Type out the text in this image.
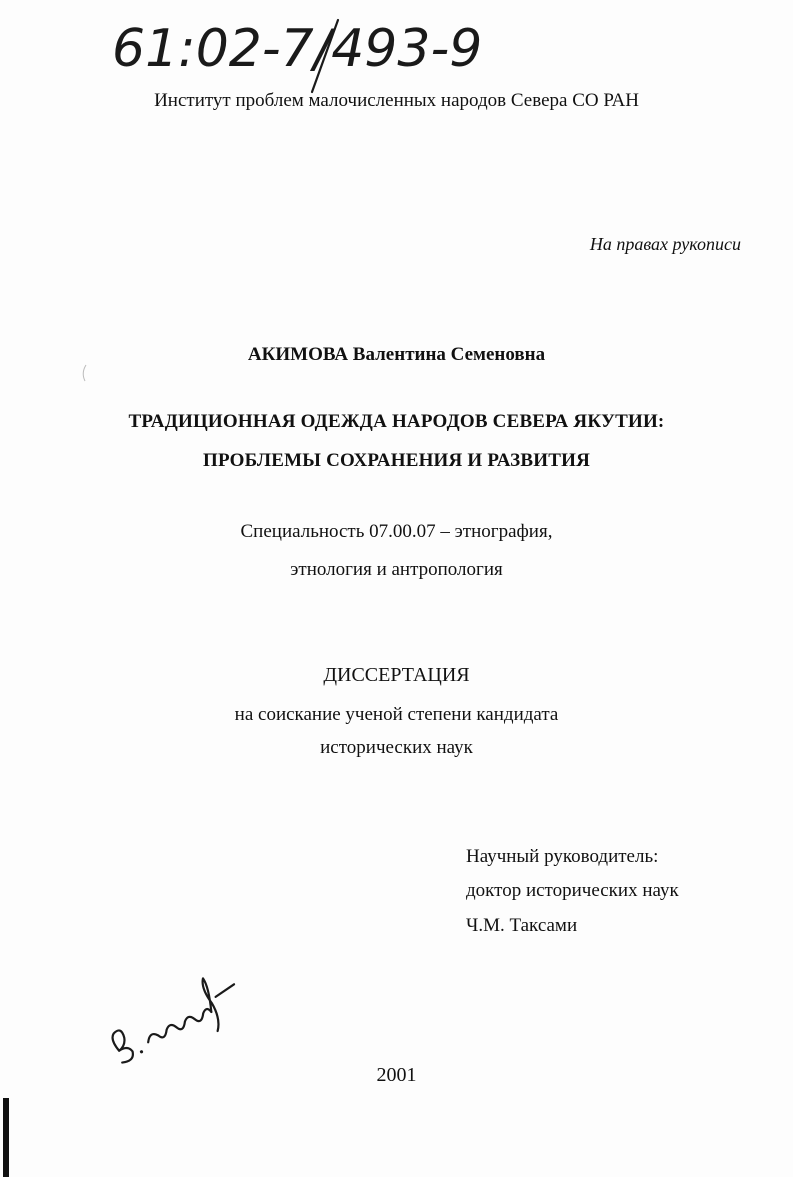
61:02-7/493-9
Институт проблем малочисленных народов Севера СО РАН
На правах рукописи
АКИМОВА Валентина Семеновна
ТРАДИЦИОННАЯ ОДЕЖДА НАРОДОВ СЕВЕРА ЯКУТИИ:
ПРОБЛЕМЫ СОХРАНЕНИЯ И РАЗВИТИЯ
Специальность 07.00.07 – этнография,
этнология и антропология
ДИССЕРТАЦИЯ
на соискание ученой степени кандидата
исторических наук
Научный руководитель:
доктор исторических наук
Ч.М. Таксами
2001
